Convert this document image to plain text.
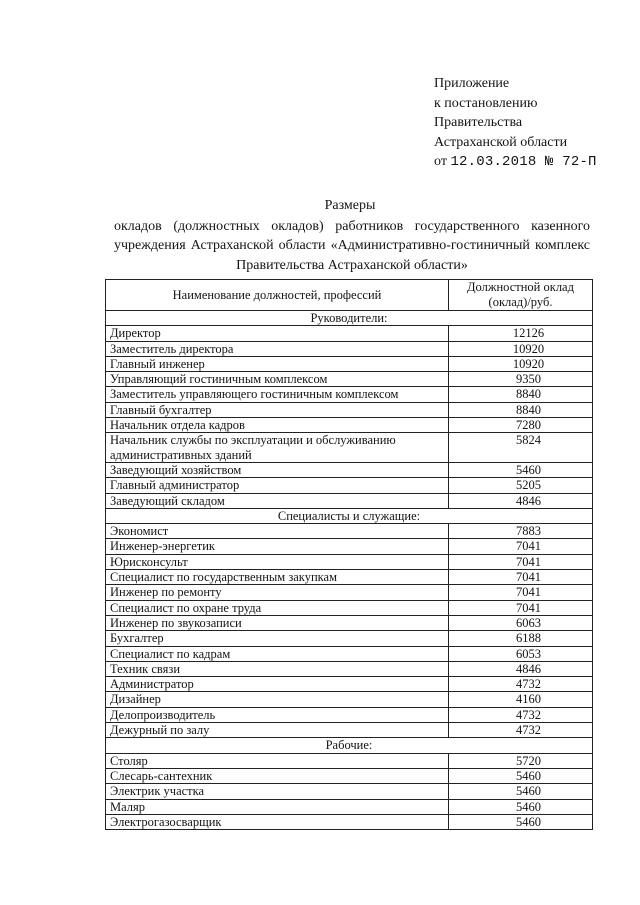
Приложение
к постановлению
Правительства
Астраханской области
от 12.03.2018 № 72-П
Размеры
окладов (должностных окладов) работников государственного казенного учреждения Астраханской области «Административно-гостиничный комплекс Правительства Астраханской области»
Наименование должностей, профессий	Должностной оклад (оклад)/руб.
Руководители:	
Директор	12126
Заместитель директора	10920
Главный инженер	10920
Управляющий гостиничным комплексом	9350
Заместитель управляющего гостиничным комплексом	8840
Главный бухгалтер	8840
Начальник отдела кадров	7280
Начальник службы по эксплуатации и обслуживанию административных зданий	5824
Заведующий хозяйством	5460
Главный администратор	5205
Заведующий складом	4846
Специалисты и служащие:	
Экономист	7883
Инженер-энергетик	7041
Юрисконсульт	7041
Специалист по государственным закупкам	7041
Инженер по ремонту	7041
Специалист по охране труда	7041
Инженер по звукозаписи	6063
Бухгалтер	6188
Специалист по кадрам	6053
Техник связи	4846
Администратор	4732
Дизайнер	4160
Делопроизводитель	4732
Дежурный по залу	4732
Рабочие:	
Столяр	5720
Слесарь-сантехник	5460
Электрик участка	5460
Маляр	5460
Электрогазосварщик	5460
